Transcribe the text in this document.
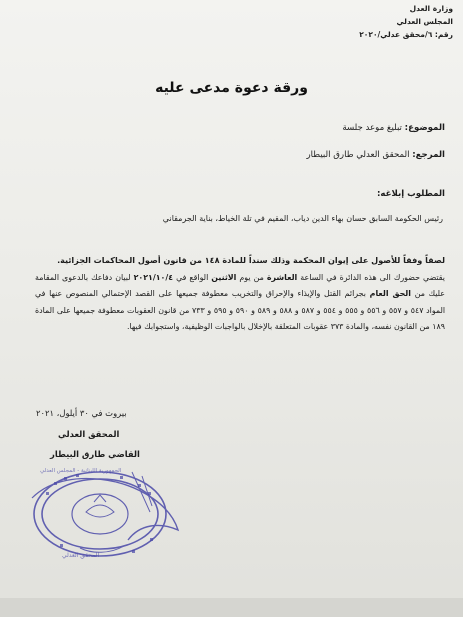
وزارة العدل
المجلس العدلي
رقم: ٦/محقق عدلي/٢٠٢٠
ورقة دعوة مدعى عليه
الموضوع: تبليغ موعد جلسة
المرجع: المحقق العدلي طارق البيطار
المطلوب إبلاغه:
رئيس الحكومة السابق حسان بهاء الدين دياب، المقيم في تلة الخياط، بناية الجرمقاني
لصقاً وفقاً للأصول على إيوان المحكمة وذلك سنداً للمادة ١٤٨ من قانون أصول المحاكمات الجزائية.
يقتضي حضورك الى هذه الدائرة في الساعة العاشرة من يوم الاثنين الواقع في ٢٠٢١/١٠/٤ لبيان دفاعك بالدعوى المقامة عليك من الحق العام بجرائم القتل والإيذاء والإحراق والتخريب معطوفة جميعها على القصد الإحتمالي المنصوص عنها في المواد ٥٤٧ و ٥٥٧ و ٥٥٦ و ٥٥٥ و ٥٥٤ و ٥٨٧ و ٥٨٨ و ٥٨٩ و ٥٩٠ و ٥٩٥ و ٧٣٣ من قانون العقوبات معطوفة جميعها على المادة ١٨٩ من القانون نفسه، والمادة ٣٧٣ عقوبات المتعلقة بالإخلال بالواجبات الوظيفية، واستجوابك فيها.
بيروت في ٣٠ أيلول، ٢٠٢١
المحقق العدلي
القاضي طارق البيطار
المحقق العدلي
الجمهورية اللبنانية - المجلس العدلي
